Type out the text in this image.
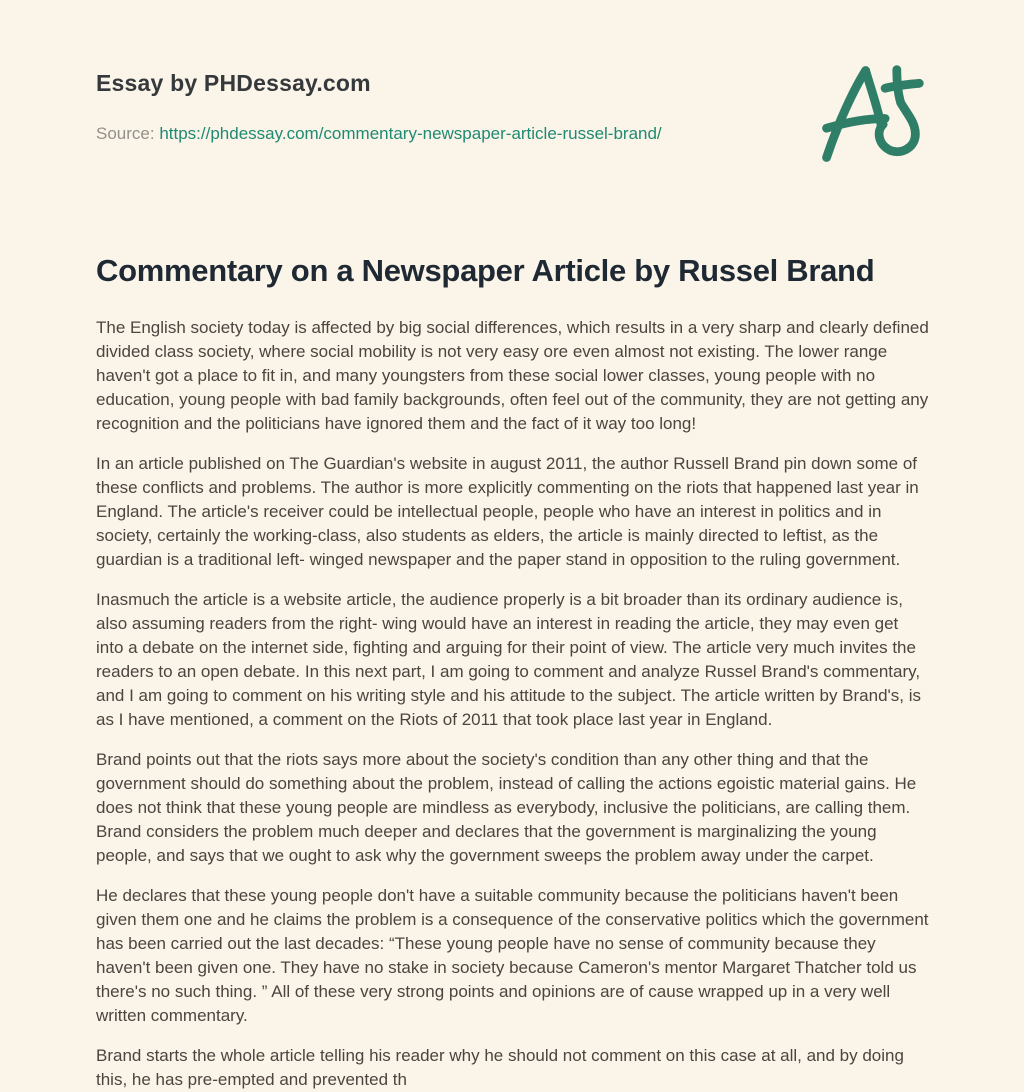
Essay by PHDessay.com

Source: https://phdessay.com/commentary-newspaper-article-russel-brand/

Commentary on a Newspaper Article by Russel Brand

The English society today is affected by big social differences, which results in a very sharp and clearly defined divided class society, where social mobility is not very easy ore even almost not existing. The lower range haven't got a place to fit in, and many youngsters from these social lower classes, young people with no education, young people with bad family backgrounds, often feel out of the community, they are not getting any recognition and the politicians have ignored them and the fact of it way too long!

In an article published on The Guardian's website in august 2011, the author Russell Brand pin down some of these conflicts and problems. The author is more explicitly commenting on the riots that happened last year in England. The article's receiver could be intellectual people, people who have an interest in politics and in society, certainly the working-class, also students as elders, the article is mainly directed to leftist, as the guardian is a traditional left- winged newspaper and the paper stand in opposition to the ruling government.

Inasmuch the article is a website article, the audience properly is a bit broader than its ordinary audience is, also assuming readers from the right- wing would have an interest in reading the article, they may even get into a debate on the internet side, fighting and arguing for their point of view. The article very much invites the readers to an open debate. In this next part, I am going to comment and analyze Russel Brand's commentary, and I am going to comment on his writing style and his attitude to the subject. The article written by Brand's, is as I have mentioned, a comment on the Riots of 2011 that took place last year in England.

Brand points out that the riots says more about the society's condition than any other thing and that the government should do something about the problem, instead of calling the actions egoistic material gains. He does not think that these young people are mindless as everybody, inclusive the politicians, are calling them. Brand considers the problem much deeper and declares that the government is marginalizing the young people, and says that we ought to ask why the government sweeps the problem away under the carpet.

He declares that these young people don't have a suitable community because the politicians haven't been given them one and he claims the problem is a consequence of the conservative politics which the government has been carried out the last decades: “These young people have no sense of community because they haven't been given one. They have no stake in society because Cameron's mentor Margaret Thatcher told us there's no such thing. ” All of these very strong points and opinions are of cause wrapped up in a very well written commentary.

Brand starts the whole article telling his reader why he should not comment on this case at all, and by doing this, he has pre-empted and prevented th
